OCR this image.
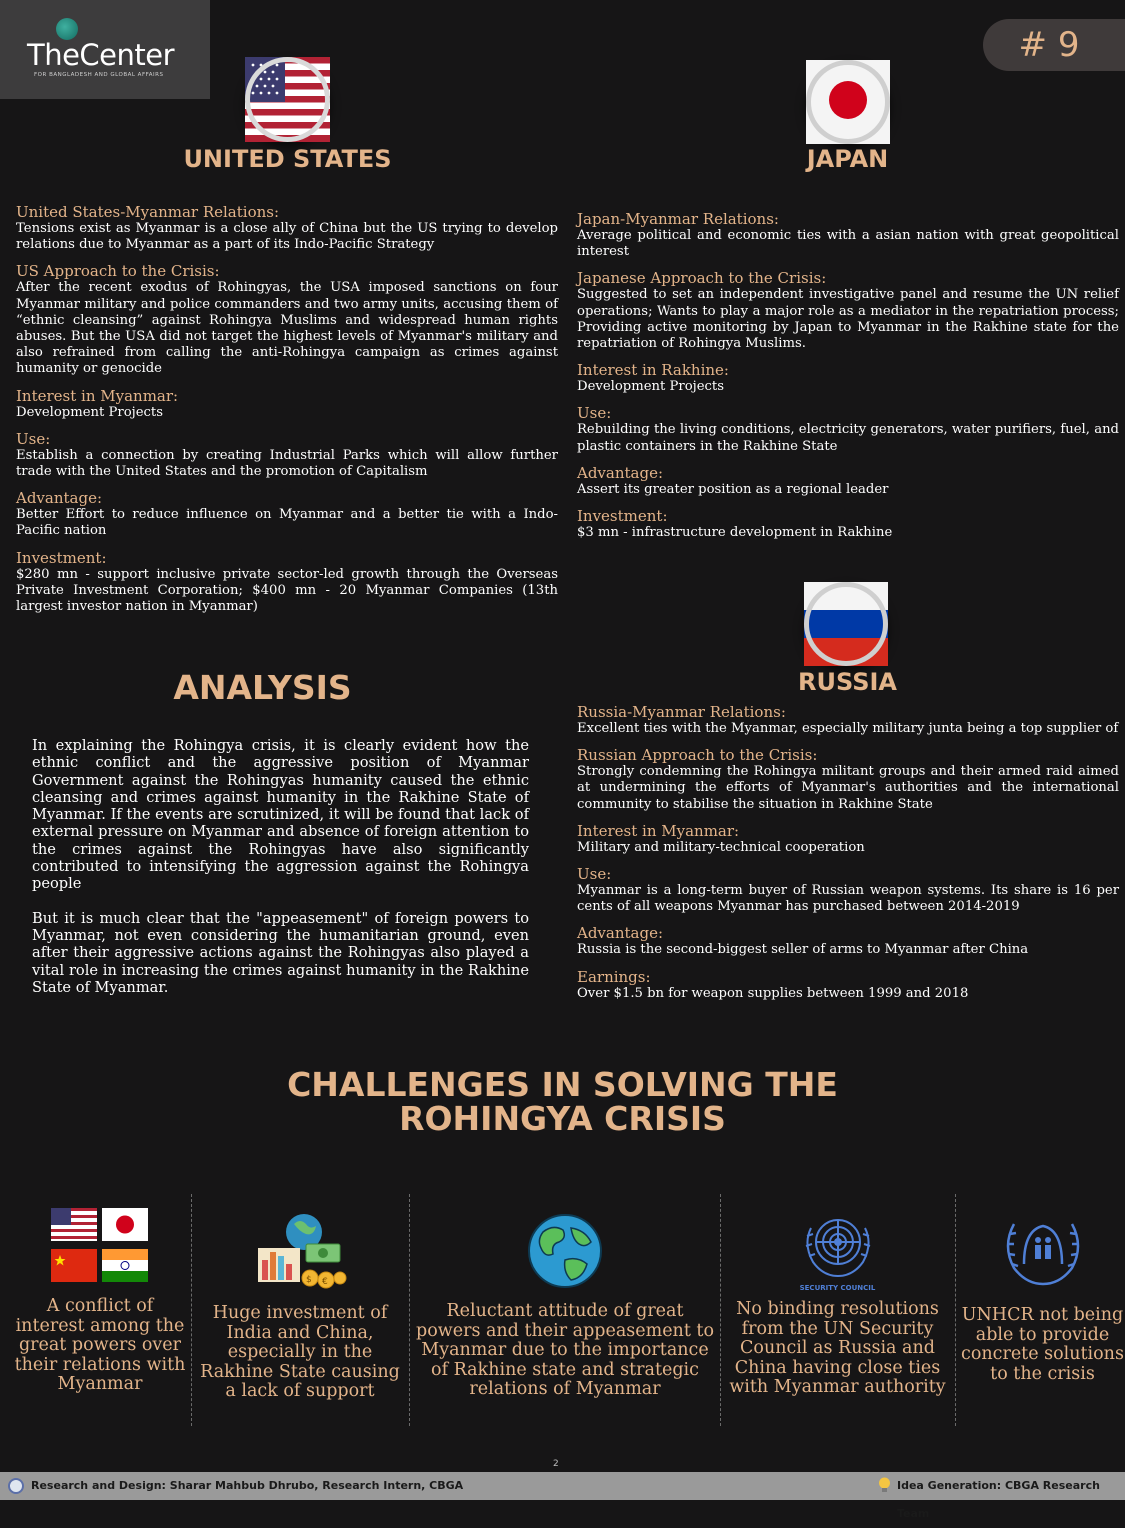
TheCenter
FOR BANGLADESH AND GLOBAL AFFAIRS
# 9
UNITED STATES	JAPAN
United States-Myanmar Relations:
Tensions exist as Myanmar is a close ally of China but the US trying to develop relations due to Myanmar as a part of its Indo-Pacific Strategy
US Approach to the Crisis:
After the recent exodus of Rohingyas, the USA imposed sanctions on four Myanmar military and police commanders and two army units, accusing them of “ethnic cleansing” against Rohingya Muslims and widespread human rights abuses. But the USA did not target the highest levels of Myanmar's military and also refrained from calling the anti-Rohingya campaign as crimes against humanity or genocide
Interest in Myanmar:
Development Projects
Use:
Establish a connection by creating Industrial Parks which will allow further trade with the United States and the promotion of Capitalism
Advantage:
Better Effort to reduce influence on Myanmar and a better tie with a Indo-Pacific nation
Investment:
$280 mn - support inclusive private sector-led growth through the Overseas Private Investment Corporation; $400 mn - 20 Myanmar Companies (13th largest investor nation in Myanmar)
Japan-Myanmar Relations:
Average political and economic ties with a asian nation with great geopolitical interest
Japanese Approach to the Crisis:
Suggested to set an independent investigative panel and resume the UN relief operations; Wants to play a major role as a mediator in the repatriation process; Providing active monitoring by Japan to Myanmar in the Rakhine state for the repatriation of Rohingya Muslims.
Interest in Rakhine:
Development Projects
Use:
Rebuilding the living conditions, electricity generators, water purifiers, fuel, and plastic containers in the Rakhine State
Advantage:
Assert its greater position as a regional leader
Investment:
$3 mn - infrastructure development in Rakhine
RUSSIA
Russia-Myanmar Relations:
Excellent ties with the Myanmar, especially military junta being a top supplier of
Russian Approach to the Crisis:
Strongly condemning the Rohingya militant groups and their armed raid aimed at undermining the efforts of Myanmar's authorities and the international community to stabilise the situation in Rakhine State
Interest in Myanmar:
Military and military-technical cooperation
Use:
Myanmar is a long-term buyer of Russian weapon systems. Its share is 16 per cents of all weapons Myanmar has purchased between 2014-2019
Advantage:
Russia is the second-biggest seller of arms to Myanmar after China
Earnings:
Over $1.5 bn for weapon supplies between 1999 and 2018
ANALYSIS

In explaining the Rohingya crisis, it is clearly evident how the ethnic conflict and the aggressive position of Myanmar Government against the Rohingyas humanity caused the ethnic cleansing and crimes against humanity in the Rakhine State of Myanmar. If the events are scrutinized, it will be found that lack of external pressure on Myanmar and absence of foreign attention to the crimes against the Rohingyas have also significantly contributed to intensifying the aggression against the Rohingya people

But it is much clear that the "appeasement" of foreign powers to Myanmar, not even considering the humanitarian ground, even after their aggressive actions against the Rohingyas also played a vital role in increasing the crimes against humanity in the Rakhine State of Myanmar.

CHALLENGES IN SOLVING THE
ROHINGYA CRISIS
A conflict of interest among the great powers over their relations with Myanmar
$ €
Huge investment of India and China, especially in the Rakhine State causing a lack of support
Reluctant attitude of great powers and their appeasement to Myanmar due to the importance of Rakhine state and strategic relations of Myanmar
SECURITY COUNCIL
No binding resolutions from the UN Security Council as Russia and China having close ties with Myanmar authority
UNHCR not being able to provide concrete solutions to the crisis
2
Research and Design: Sharar Mahbub Dhrubo, Research Intern, CBGA	Idea Generation: CBGA Research Team
